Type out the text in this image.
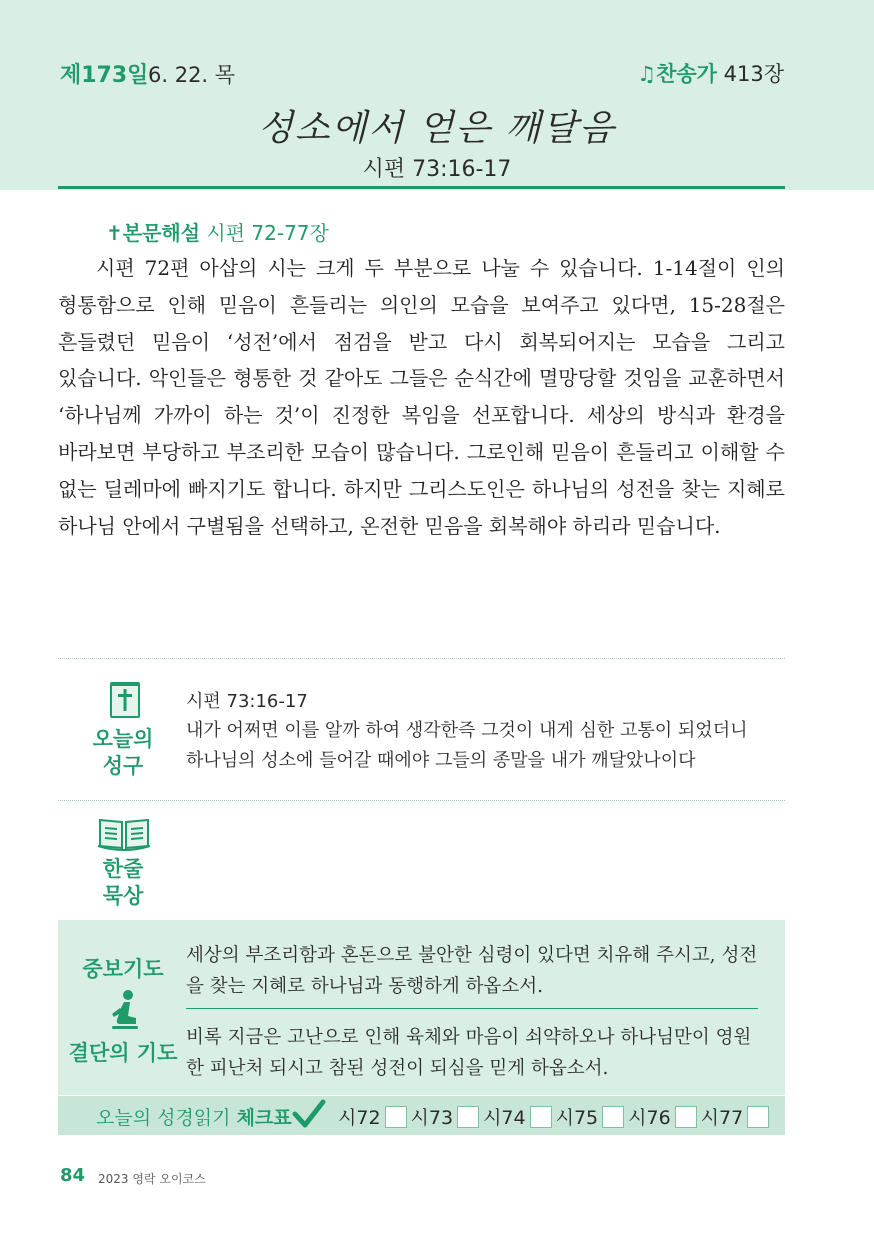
제173일 6. 22. 목	♫찬송가 413장
성소에서 얻은 깨달음
시편 73:16-17
✝본문해설 시편 72-77장
시편 72편 아삽의 시는 크게 두 부분으로 나눌 수 있습니다. 1-14절이 인의 형통함으로 인해 믿음이 흔들리는 의인의 모습을 보여주고 있다면, 15-28절은 흔들렸던 믿음이 ‘성전’에서 점검을 받고 다시 회복되어지는 모습을 그리고 있습니다. 악인들은 형통한 것 같아도 그들은 순식간에 멸망당할 것임을 교훈하면서 ‘하나님께 가까이 하는 것’이 진정한 복임을 선포합니다. 세상의 방식과 환경을 바라보면 부당하고 부조리한 모습이 많습니다. 그로인해 믿음이 흔들리고 이해할 수 없는 딜레마에 빠지기도 합니다. 하지만 그리스도인은 하나님의 성전을 찾는 지혜로 하나님 안에서 구별됨을 선택하고, 온전한 믿음을 회복해야 하리라 믿습니다.
오늘의
성구
시편 73:16-17
내가 어쩌면 이를 알까 하여 생각한즉 그것이 내게 심한 고통이 되었더니 하나님의 성소에 들어갈 때에야 그들의 종말을 내가 깨달았나이다
한줄
묵상
중보기도
결단의 기도
세상의 부조리함과 혼돈으로 불안한 심령이 있다면 치유해 주시고, 성전을 찾는 지혜로 하나님과 동행하게 하옵소서.
비록 지금은 고난으로 인해 육체와 마음이 쇠약하오나 하나님만이 영원한 피난처 되시고 참된 성전이 되심을 믿게 하옵소서.
오늘의 성경읽기 체크표 시72 시73 시74 시75 시76 시77
84 2023 영락 오이코스
